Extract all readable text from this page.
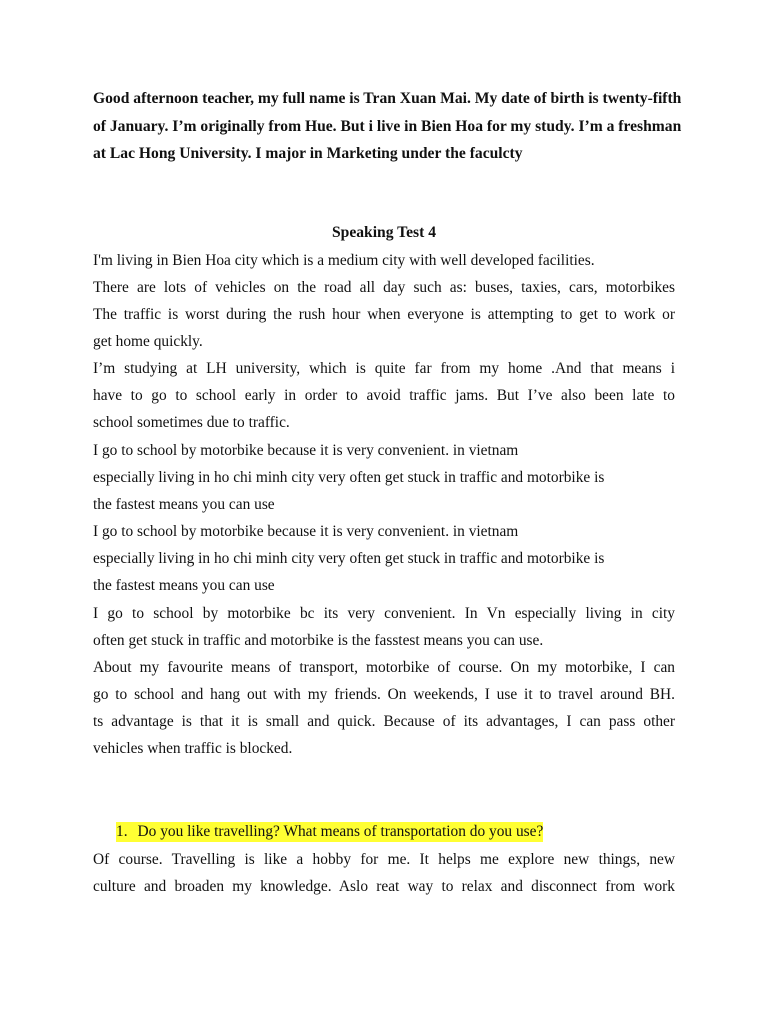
Good afternoon teacher, my full name is Tran Xuan Mai. My date of birth is twenty-fifth of January. I’m originally from Hue. But i live in Bien Hoa for my study. I’m a freshman at Lac Hong University. I major in Marketing under the faculcty

Speaking Test 4

I'm living in Bien Hoa city which is a medium city with well developed facilities.

There are lots of vehicles on the road all day such as: buses, taxies, cars, motorbikes

The traffic is worst during the rush hour when everyone is attempting to get to work or

get home quickly.

I’m studying at LH university, which is quite far from my home .And that means i

have to go to school early in order to avoid traffic jams. But I’ve also been late to

school sometimes due to traffic.

I go to school by motorbike because it is very convenient. in vietnam

especially living in ho chi minh city very often get stuck in traffic and motorbike is

the fastest means you can use

I go to school by motorbike because it is very convenient. in vietnam

especially living in ho chi minh city very often get stuck in traffic and motorbike is

the fastest means you can use

I go to school by motorbike bc its very convenient. In Vn especially living in city

often get stuck in traffic and motorbike is the fasstest means you can use.

About my favourite means of transport, motorbike of course. On my motorbike, I can

go to school and hang out with my friends. On weekends, I use it to travel around BH.

ts advantage is that it is small and quick. Because of its advantages, I can pass other

vehicles when traffic is blocked.

1. Do you like travelling? What means of transportation do you use?

Of course. Travelling is like a hobby for me. It helps me explore new things, new

culture and broaden my knowledge. Aslo reat way to relax and disconnect from work
